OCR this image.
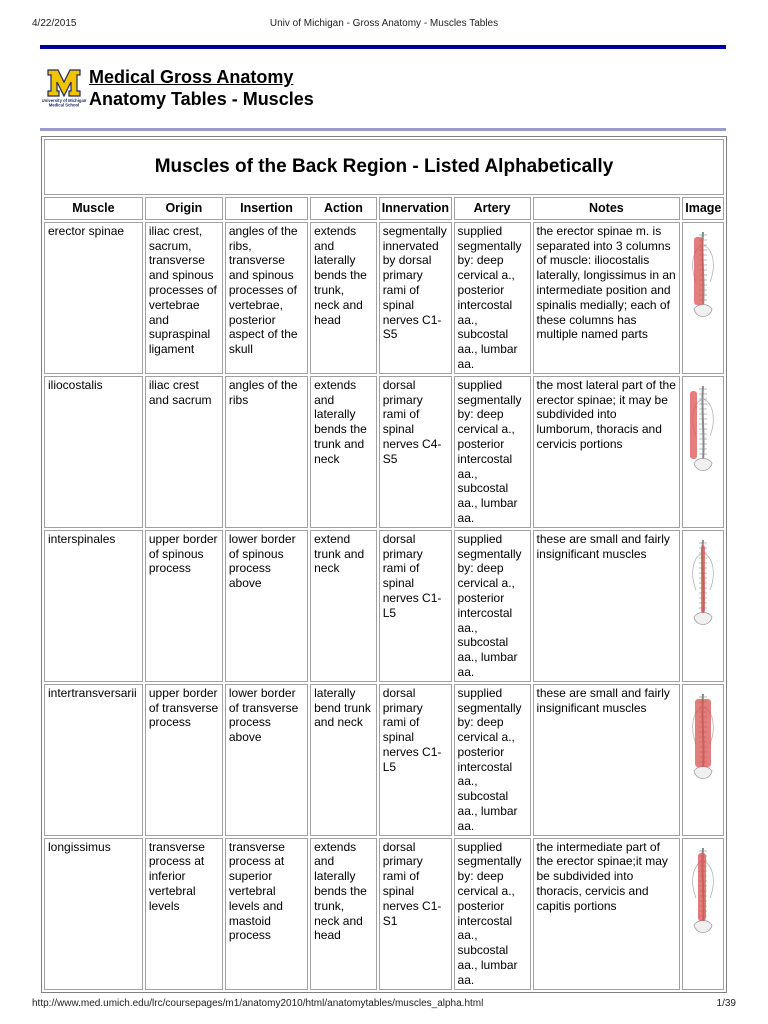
4/22/2015	Univ of Michigan - Gross Anatomy - Muscles Tables
University of Michigan
Medical School
Medical Gross Anatomy
Anatomy Tables - Muscles
Muscles of the Back Region - Listed Alphabetically							
Muscle	Origin	Insertion	Action	Innervation	Artery	Notes	Image
erector spinae	iliac crest, sacrum, transverse and spinous processes of vertebrae and supraspinal ligament	angles of the ribs, transverse and spinous processes of vertebrae, posterior aspect of the skull	extends and laterally bends the trunk, neck and head	segmentally innervated by dorsal primary rami of spinal nerves C1-S5	supplied segmentally by: deep cervical a., posterior intercostal aa., subcostal aa., lumbar aa.	the erector spinae m. is separated into 3 columns of muscle: iliocostalis laterally, longissimus in an intermediate position and spinalis medially; each of these columns has multiple named parts	
iliocostalis	iliac crest and sacrum	angles of the ribs	extends and laterally bends the trunk and neck	dorsal primary rami of spinal nerves C4-S5	supplied segmentally by: deep cervical a., posterior intercostal aa., subcostal aa., lumbar aa.	the most lateral part of the erector spinae; it may be subdivided into lumborum, thoracis and cervicis portions	
interspinales	upper border of spinous process	lower border of spinous process above	extend trunk and neck	dorsal primary rami of spinal nerves C1-L5	supplied segmentally by: deep cervical a., posterior intercostal aa., subcostal aa., lumbar aa.	these are small and fairly insignificant muscles	
intertransversarii	upper border of transverse process	lower border of transverse process above	laterally bend trunk and neck	dorsal primary rami of spinal nerves C1-L5	supplied segmentally by: deep cervical a., posterior intercostal aa., subcostal aa., lumbar aa.	these are small and fairly insignificant muscles	
longissimus	transverse process at inferior vertebral levels	transverse process at superior vertebral levels and mastoid process	extends and laterally bends the trunk, neck and head	dorsal primary rami of spinal nerves C1-S1	supplied segmentally by: deep cervical a., posterior intercostal aa., subcostal aa., lumbar aa.	the intermediate part of the erector spinae;it may be subdivided into thoracis, cervicis and capitis portions	
http://www.med.umich.edu/lrc/coursepages/m1/anatomy2010/html/anatomytables/muscles_alpha.html	1/39
